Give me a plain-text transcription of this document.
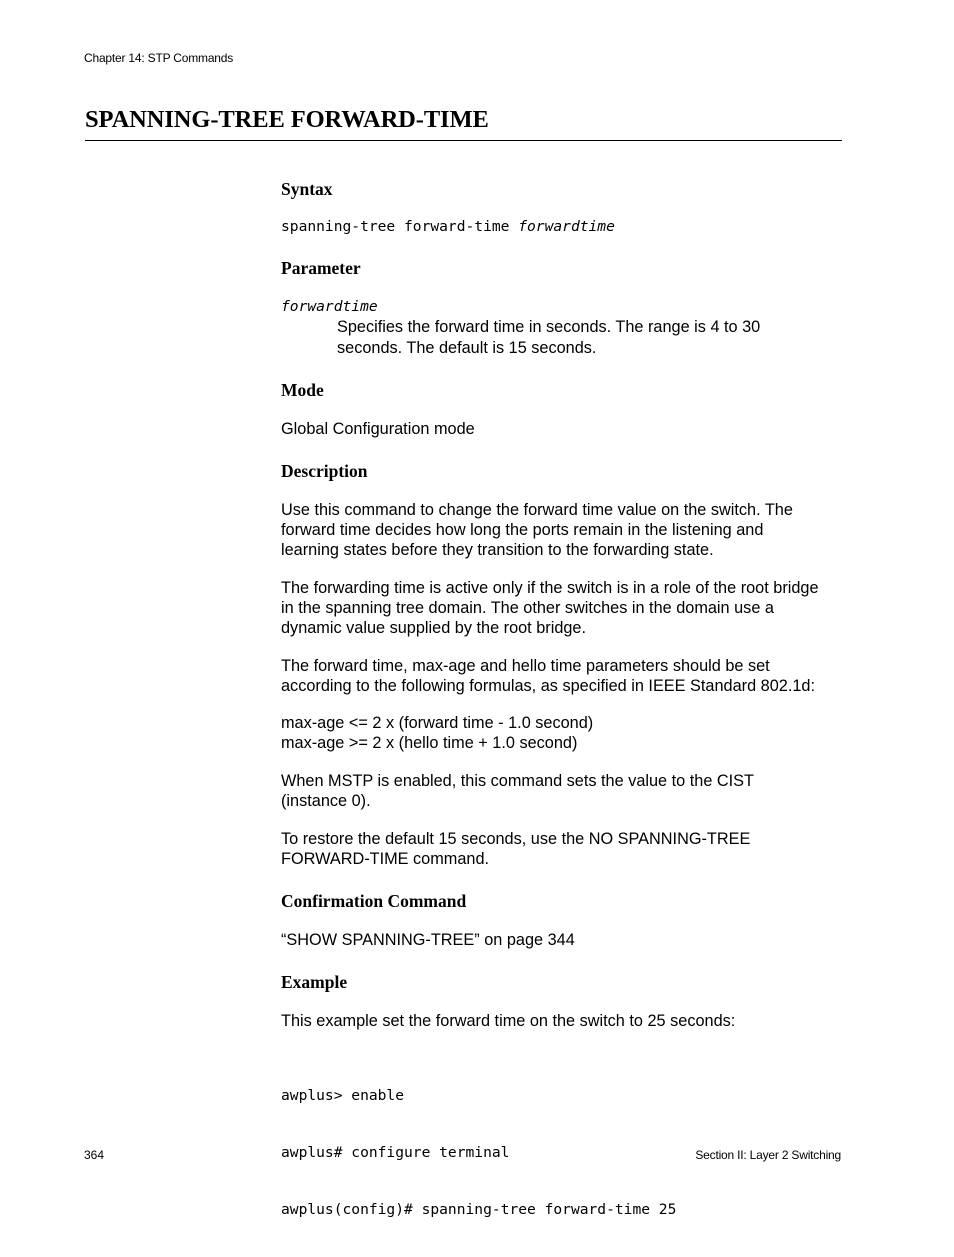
Chapter 14: STP Commands
SPANNING-TREE FORWARD-TIME
Syntax
spanning-tree forward-time forwardtime
Parameter
forwardtime
Specifies the forward time in seconds. The range is 4 to 30
seconds. The default is 15 seconds.
Mode
Global Configuration mode
Description
Use this command to change the forward time value on the switch. The
forward time decides how long the ports remain in the listening and
learning states before they transition to the forwarding state.
The forwarding time is active only if the switch is in a role of the root bridge
in the spanning tree domain. The other switches in the domain use a
dynamic value supplied by the root bridge.
The forward time, max-age and hello time parameters should be set
according to the following formulas, as specified in IEEE Standard 802.1d:
max-age <= 2 x (forward time - 1.0 second)
max-age >= 2 x (hello time + 1.0 second)
When MSTP is enabled, this command sets the value to the CIST
(instance 0).
To restore the default 15 seconds, use the NO SPANNING-TREE
FORWARD-TIME command.
Confirmation Command
“SHOW SPANNING-TREE” on page 344
Example
This example set the forward time on the switch to 25 seconds:

awplus> enable

awplus# configure terminal

awplus(config)# spanning-tree forward-time 25

364	Section II: Layer 2 Switching
